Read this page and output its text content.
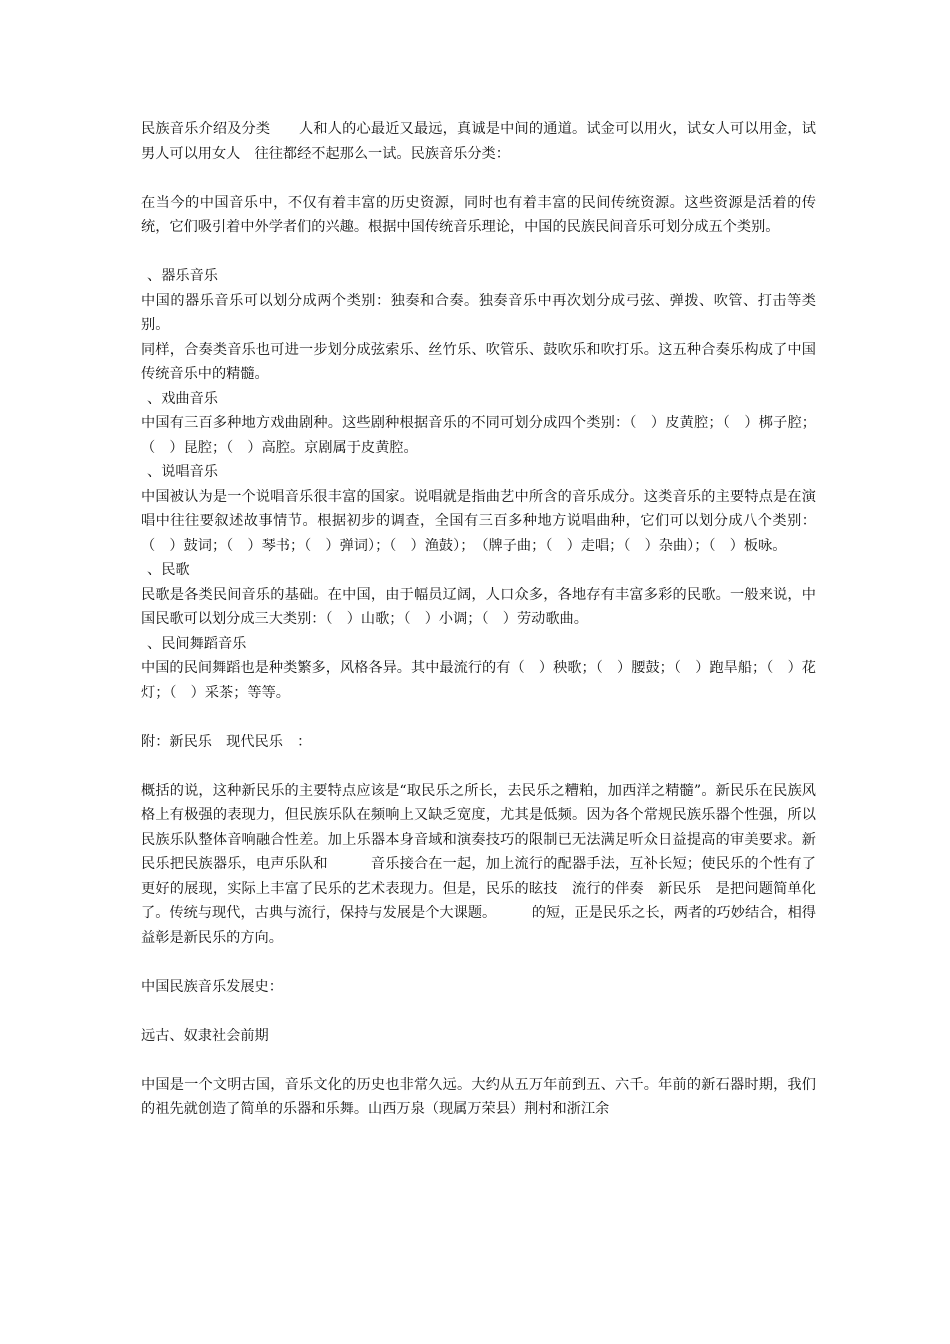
民族音乐介绍及分类　　人和人的心最近又最远，真诚是中间的通道。试金可以用火，试女人可以用金，试男人可以用女人　往往都经不起那么一试。民族音乐分类：

在当今的中国音乐中，不仅有着丰富的历史资源，同时也有着丰富的民间传统资源。这些资源是活着的传统，它们吸引着中外学者们的兴趣。根据中国传统音乐理论，中国的民族民间音乐可划分成五个类别。

、器乐音乐

中国的器乐音乐可以划分成两个类别：独奏和合奏。独奏音乐中再次划分成弓弦、弹拨、吹管、打击等类别。

同样，合奏类音乐也可进一步划分成弦索乐、丝竹乐、吹管乐、鼓吹乐和吹打乐。这五种合奏乐构成了中国传统音乐中的精髓。

、戏曲音乐

中国有三百多种地方戏曲剧种。这些剧种根据音乐的不同可划分成四个类别：（　）皮黄腔；（　）梆子腔；（　）昆腔；（　）高腔。京剧属于皮黄腔。

、说唱音乐

中国被认为是一个说唱音乐很丰富的国家。说唱就是指曲艺中所含的音乐成分。这类音乐的主要特点是在演唱中往往要叙述故事情节。根据初步的调查，全国有三百多种地方说唱曲种，它们可以划分成八个类别：（　）鼓词；（　）琴书；（　）弹词）；（　）渔鼓）；　（牌子曲；（　）走唱；（　）杂曲）；（　）板咏。

、民歌

民歌是各类民间音乐的基础。在中国，由于幅员辽阔，人口众多，各地存有丰富多彩的民歌。一般来说，中国民歌可以划分成三大类别：（　）山歌；（　）小调；（　）劳动歌曲。

、民间舞蹈音乐

中国的民间舞蹈也是种类繁多，风格各异。其中最流行的有（　）秧歌；（　）腰鼓；（　）跑旱船；（　）花灯；（　）采茶；等等。

附：新民乐　现代民乐　：

概括的说，这种新民乐的主要特点应该是“取民乐之所长，去民乐之糟粕，加西洋之精髓”。新民乐在民族风格上有极强的表现力，但民族乐队在频响上又缺乏宽度，尤其是低频。因为各个常规民族乐器个性强，所以民族乐队整体音响融合性差。加上乐器本身音域和演奏技巧的限制已无法满足听众日益提高的审美要求。新民乐把民族器乐，电声乐队和　　　音乐接合在一起，加上流行的配器手法，互补长短；使民乐的个性有了更好的展现，实际上丰富了民乐的艺术表现力。但是，民乐的眩技　流行的伴奏　新民乐　是把问题简单化了。传统与现代，古典与流行，保持与发展是个大课题。　　　的短，正是民乐之长，两者的巧妙结合，相得益彰是新民乐的方向。

中国民族音乐发展史：

远古、奴隶社会前期

中国是一个文明古国，音乐文化的历史也非常久远。大约从五万年前到五、六千。年前的新石器时期，我们的祖先就创造了简单的乐器和乐舞。山西万泉（现属万荣县）荆村和浙江余
